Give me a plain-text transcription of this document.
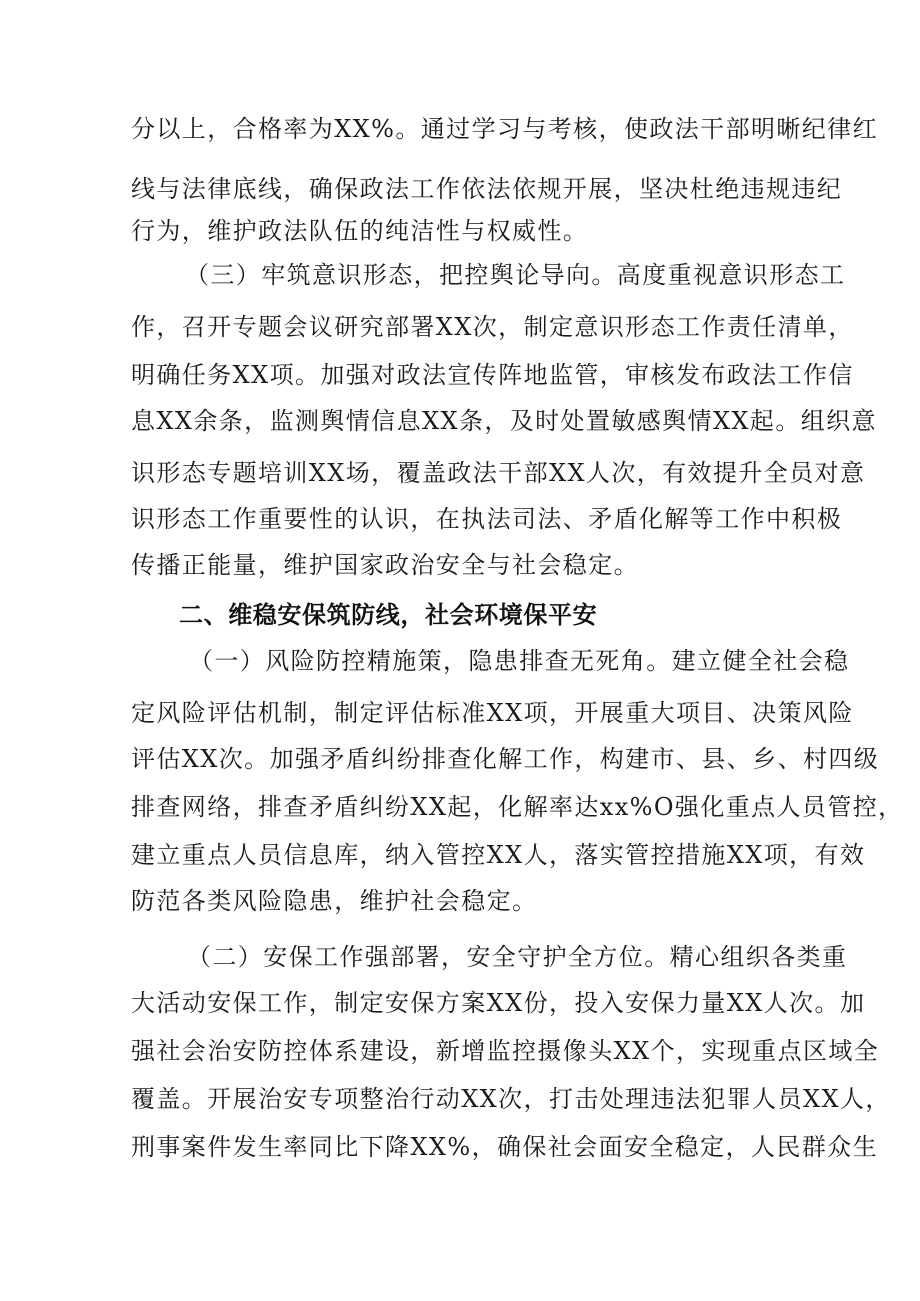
分以上，合格率为XX%。通过学习与考核，使政法干部明晰纪律红
线与法律底线，确保政法工作依法依规开展，坚决杜绝违规违纪
行为，维护政法队伍的纯洁性与权威性。
（三）牢筑意识形态，把控舆论导向。高度重视意识形态工
作，召开专题会议研究部署XX次，制定意识形态工作责任清单，
明确任务XX项。加强对政法宣传阵地监管，审核发布政法工作信
息XX余条，监测舆情信息XX条，及时处置敏感舆情XX起。组织意
识形态专题培训XX场，覆盖政法干部XX人次，有效提升全员对意
识形态工作重要性的认识，在执法司法、矛盾化解等工作中积极
传播正能量，维护国家政治安全与社会稳定。
二、维稳安保筑防线，社会环境保平安
（一）风险防控精施策，隐患排查无死角。建立健全社会稳
定风险评估机制，制定评估标准XX项，开展重大项目、决策风险
评估XX次。加强矛盾纠纷排查化解工作，构建市、县、乡、村四级
排查网络，排查矛盾纠纷XX起，化解率达xx%O强化重点人员管控，
建立重点人员信息库，纳入管控XX人，落实管控措施XX项，有效
防范各类风险隐患，维护社会稳定。
（二）安保工作强部署，安全守护全方位。精心组织各类重
大活动安保工作，制定安保方案XX份，投入安保力量XX人次。加
强社会治安防控体系建设，新增监控摄像头XX个，实现重点区域全
覆盖。开展治安专项整治行动XX次，打击处理违法犯罪人员XX人，
刑事案件发生率同比下降XX%，确保社会面安全稳定，人民群众生
